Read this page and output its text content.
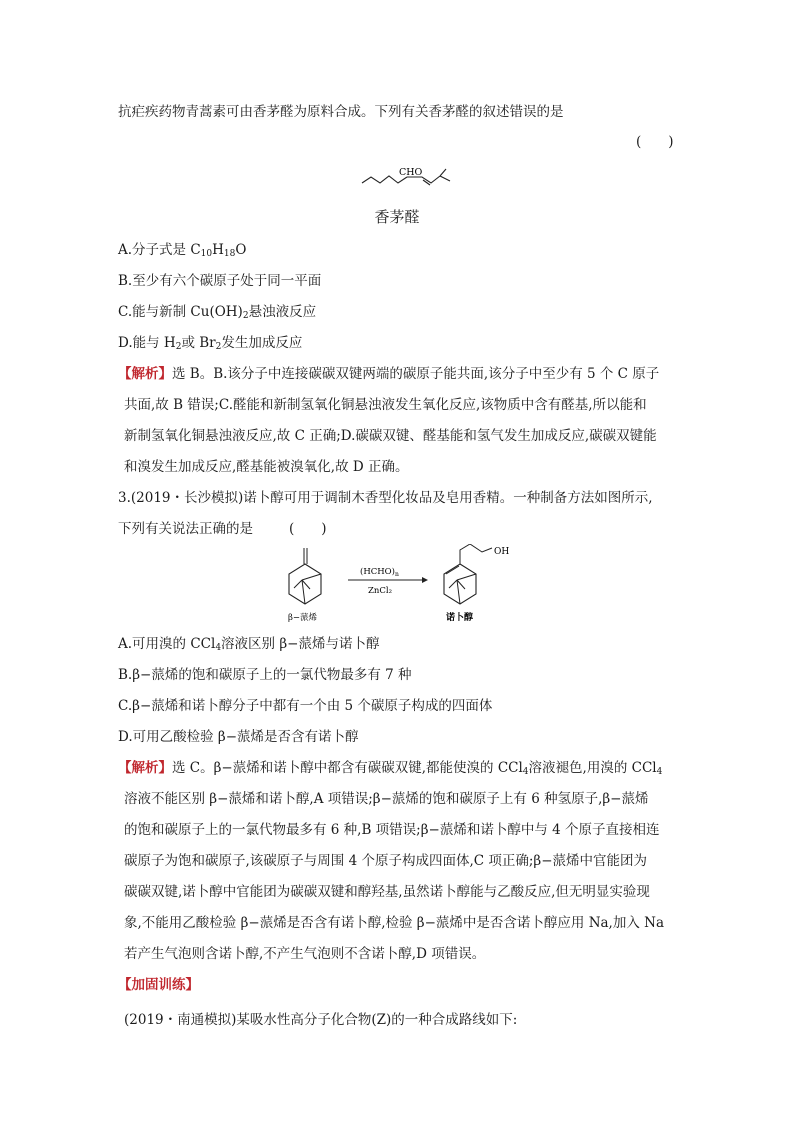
抗疟疾药物青蒿素可由香茅醛为原料合成。下列有关香茅醛的叙述错误的是
(　　)
CHO
香茅醛
A.分子式是 $C_{10}H_{18}O$
B.至少有六个碳原子处于同一平面
C.能与新制 $Cu(OH)_2$悬浊液反应
D.能与 $H_2$或 $Br_2$发生加成反应
【解析】选 B。B.该分子中连接碳碳双键两端的碳原子能共面,该分子中至少有 5 个 C 原子
共面,故 B 错误;C.醛能和新制氢氧化铜悬浊液发生氧化反应,该物质中含有醛基,所以能和
新制氢氧化铜悬浊液反应,故 C 正确;D.碳碳双键、醛基能和氢气发生加成反应,碳碳双键能
和溴发生加成反应,醛基能被溴氧化,故 D 正确。
3.(2019・长沙模拟)诺卜醇可用于调制木香型化妆品及皂用香精。一种制备方法如图所示,
下列有关说法正确的是	(　　)
β−蒎烯
$(HCHO)_n$
ZnCl₂
OH
诺卜醇
A.可用溴的 CCl$_4$溶液区别 β−蒎烯与诺卜醇
B.β−蒎烯的饱和碳原子上的一氯代物最多有 7 种
C.β−蒎烯和诺卜醇分子中都有一个由 5 个碳原子构成的四面体
D.可用乙酸检验 β−蒎烯是否含有诺卜醇
【解析】选 C。β−蒎烯和诺卜醇中都含有碳碳双键,都能使溴的 CCl$_4$溶液褪色,用溴的 CCl$_4$
溶液不能区别 β−蒎烯和诺卜醇,A 项错误;β−蒎烯的饱和碳原子上有 6 种氢原子,β−蒎烯
的饱和碳原子上的一氯代物最多有 6 种,B 项错误;β−蒎烯和诺卜醇中与 4 个原子直接相连
碳原子为饱和碳原子,该碳原子与周围 4 个原子构成四面体,C 项正确;β−蒎烯中官能团为
碳碳双键,诺卜醇中官能团为碳碳双键和醇羟基,虽然诺卜醇能与乙酸反应,但无明显实验现
象,不能用乙酸检验 β−蒎烯是否含有诺卜醇,检验 β−蒎烯中是否含诺卜醇应用 Na,加入 Na
若产生气泡则含诺卜醇,不产生气泡则不含诺卜醇,D 项错误。
【加固训练】
(2019・南通模拟)某吸水性高分子化合物(Z)的一种合成路线如下:
